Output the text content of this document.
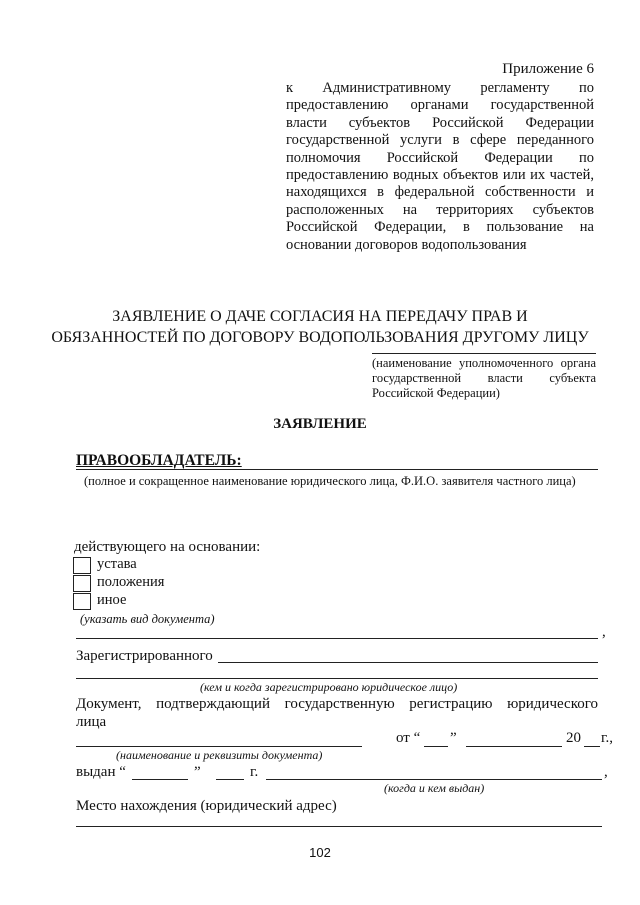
Приложение 6
к Административному регламенту по предоставлению органами государственной власти субъектов Российской Федерации государственной услуги в сфере переданного полномочия Российской Федерации по предоставлению водных объектов или их частей, находящихся в федеральной собственности и расположенных на территориях субъектов Российской Федерации, в пользование на основании договоров водопользования
ЗАЯВЛЕНИЕ О ДАЧЕ СОГЛАСИЯ НА ПЕРЕДАЧУ ПРАВ И
ОБЯЗАННОСТЕЙ ПО ДОГОВОРУ ВОДОПОЛЬЗОВАНИЯ ДРУГОМУ ЛИЦУ
(наименование уполномоченного органа государственной власти субъекта Российской Федерации)
ЗАЯВЛЕНИЕ
ПРАВООБЛАДАТЕЛЬ:
(полное и сокращенное наименование юридического лица, Ф.И.О. заявителя частного лица)
действующего на основании:
устава
положения
иное
(указать вид документа)
,
Зарегистрированного
(кем и когда зарегистрировано юридическое лицо)
Документ, подтверждающий государственную регистрацию юридического
лица
от “ ”	20 г.,
(наименование и реквизиты документа)
выдан “	”	г.	,
(когда и кем выдан)
Место нахождения (юридический адрес)
102
